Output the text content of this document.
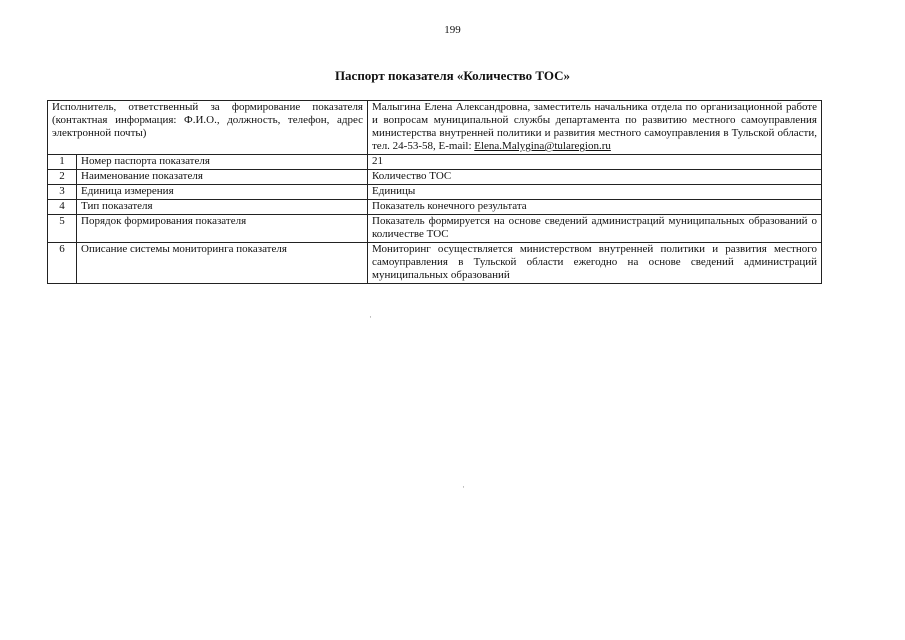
199
Паспорт показателя «Количество ТОС»
Исполнитель, ответственный за формирование показателя (контактная информация: Ф.И.О., должность, телефон, адрес электронной почты)		Малыгина Елена Александровна, заместитель начальника отдела по организационной работе и вопросам муниципальной службы департамента по развитию местного самоуправления министерства внутренней политики и развития местного самоуправления в Тульской области, тел. 24-53-58, E-mail: Elena.Malygina@tularegion.ru
1	Номер паспорта показателя	21
2	Наименование показателя	Количество ТОС
3	Единица измерения	Единицы
4	Тип показателя	Показатель конечного результата
5	Порядок формирования показателя	Показатель формируется на основе сведений администраций муниципальных образований о количестве ТОС
6	Описание системы мониторинга показателя	Мониторинг осуществляется министерством внутренней политики и развития местного самоуправления в Тульской области ежегодно на основе сведений администраций муниципальных образований
·
·
